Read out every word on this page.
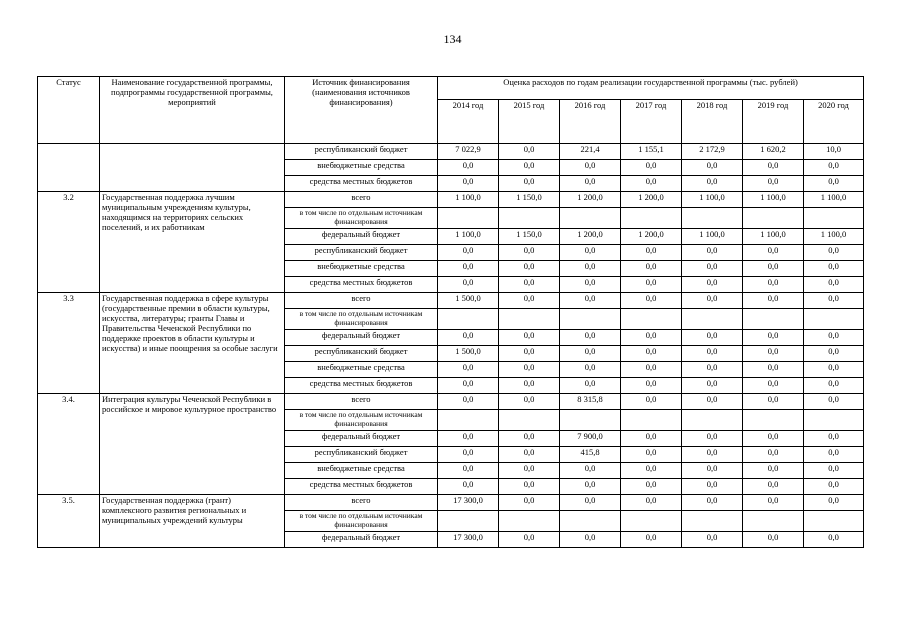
134
Статус	Наименование государственной программы, подпрограммы государственной программы, мероприятий	Источник финансирования (наименования источников финансирования)	Оценка расходов по годам реализации государственной программы (тыс. рублей)						
			2014 год	2015 год	2016 год	2017 год	2018 год	2019 год	2020 год
		республиканский бюджет	7 022,9	0,0	221,4	1 155,1	2 172,9	1 620,2	10,0
		внебюджетные средства	0,0	0,0	0,0	0,0	0,0	0,0	0,0
		средства местных бюджетов	0,0	0,0	0,0	0,0	0,0	0,0	0,0
3.2	Государственная поддержка лучшим муниципальным учреждениям культуры, находящимся на территориях сельских поселений, и их работникам	всего	1 100,0	1 150,0	1 200,0	1 200,0	1 100,0	1 100,0	1 100,0
		в том числе по отдельным источникам финансирования							
		федеральный бюджет	1 100,0	1 150,0	1 200,0	1 200,0	1 100,0	1 100,0	1 100,0
		республиканский бюджет	0,0	0,0	0,0	0,0	0,0	0,0	0,0
		внебюджетные средства	0,0	0,0	0,0	0,0	0,0	0,0	0,0
		средства местных бюджетов	0,0	0,0	0,0	0,0	0,0	0,0	0,0
3.3	Государственная поддержка в сфере культуры (государственные премии в области культуры, искусства, литературы; гранты Главы и Правительства Чеченской Республики по поддержке проектов в области культуры и искусства) и иные поощрения за особые заслуги	всего	1 500,0	0,0	0,0	0,0	0,0	0,0	0,0
		в том числе по отдельным источникам финансирования							
		федеральный бюджет	0,0	0,0	0,0	0,0	0,0	0,0	0,0
		республиканский бюджет	1 500,0	0,0	0,0	0,0	0,0	0,0	0,0
		внебюджетные средства	0,0	0,0	0,0	0,0	0,0	0,0	0,0
		средства местных бюджетов	0,0	0,0	0,0	0,0	0,0	0,0	0,0
3.4.	Интеграция культуры Чеченской Республики в российское и мировое культурное пространство	всего	0,0	0,0	8 315,8	0,0	0,0	0,0	0,0
		в том числе по отдельным источникам финансирования							
		федеральный бюджет	0,0	0,0	7 900,0	0,0	0,0	0,0	0,0
		республиканский бюджет	0,0	0,0	415,8	0,0	0,0	0,0	0,0
		внебюджетные средства	0,0	0,0	0,0	0,0	0,0	0,0	0,0
		средства местных бюджетов	0,0	0,0	0,0	0,0	0,0	0,0	0,0
3.5.	Государственная поддержка (грант) комплексного развития региональных и муниципальных учреждений культуры	всего	17 300,0	0,0	0,0	0,0	0,0	0,0	0,0
		в том числе по отдельным источникам финансирования							
		федеральный бюджет	17 300,0	0,0	0,0	0,0	0,0	0,0	0,0
